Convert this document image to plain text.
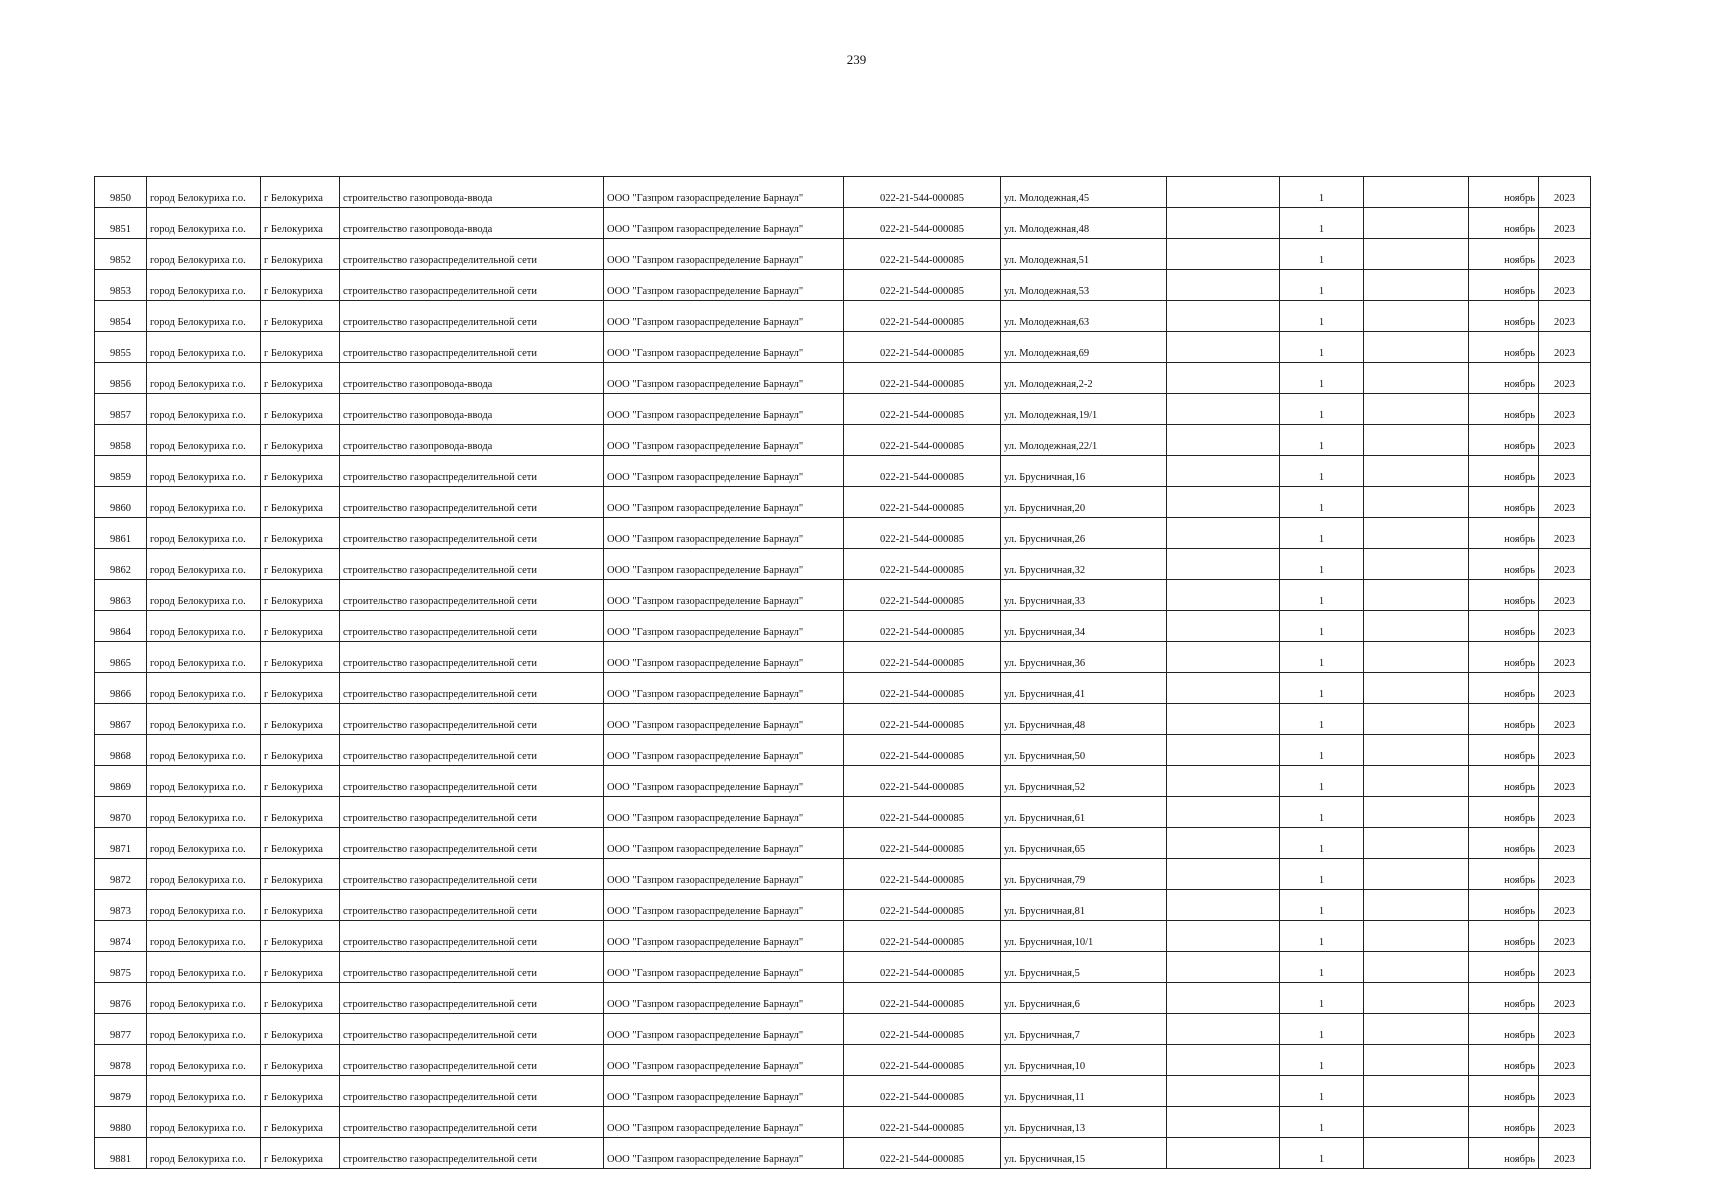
239
9850	город Белокуриха г.о.	г Белокуриха	строительство газопровода-ввода	ООО "Газпром газораспределение Барнаул"	022-21-544-000085	ул. Молодежная,45		1		ноябрь	2023
9851	город Белокуриха г.о.	г Белокуриха	строительство газопровода-ввода	ООО "Газпром газораспределение Барнаул"	022-21-544-000085	ул. Молодежная,48		1		ноябрь	2023
9852	город Белокуриха г.о.	г Белокуриха	строительство газораспределительной сети	ООО "Газпром газораспределение Барнаул"	022-21-544-000085	ул. Молодежная,51		1		ноябрь	2023
9853	город Белокуриха г.о.	г Белокуриха	строительство газораспределительной сети	ООО "Газпром газораспределение Барнаул"	022-21-544-000085	ул. Молодежная,53		1		ноябрь	2023
9854	город Белокуриха г.о.	г Белокуриха	строительство газораспределительной сети	ООО "Газпром газораспределение Барнаул"	022-21-544-000085	ул. Молодежная,63		1		ноябрь	2023
9855	город Белокуриха г.о.	г Белокуриха	строительство газораспределительной сети	ООО "Газпром газораспределение Барнаул"	022-21-544-000085	ул. Молодежная,69		1		ноябрь	2023
9856	город Белокуриха г.о.	г Белокуриха	строительство газопровода-ввода	ООО "Газпром газораспределение Барнаул"	022-21-544-000085	ул. Молодежная,2-2		1		ноябрь	2023
9857	город Белокуриха г.о.	г Белокуриха	строительство газопровода-ввода	ООО "Газпром газораспределение Барнаул"	022-21-544-000085	ул. Молодежная,19/1		1		ноябрь	2023
9858	город Белокуриха г.о.	г Белокуриха	строительство газопровода-ввода	ООО "Газпром газораспределение Барнаул"	022-21-544-000085	ул. Молодежная,22/1		1		ноябрь	2023
9859	город Белокуриха г.о.	г Белокуриха	строительство газораспределительной сети	ООО "Газпром газораспределение Барнаул"	022-21-544-000085	ул. Брусничная,16		1		ноябрь	2023
9860	город Белокуриха г.о.	г Белокуриха	строительство газораспределительной сети	ООО "Газпром газораспределение Барнаул"	022-21-544-000085	ул. Брусничная,20		1		ноябрь	2023
9861	город Белокуриха г.о.	г Белокуриха	строительство газораспределительной сети	ООО "Газпром газораспределение Барнаул"	022-21-544-000085	ул. Брусничная,26		1		ноябрь	2023
9862	город Белокуриха г.о.	г Белокуриха	строительство газораспределительной сети	ООО "Газпром газораспределение Барнаул"	022-21-544-000085	ул. Брусничная,32		1		ноябрь	2023
9863	город Белокуриха г.о.	г Белокуриха	строительство газораспределительной сети	ООО "Газпром газораспределение Барнаул"	022-21-544-000085	ул. Брусничная,33		1		ноябрь	2023
9864	город Белокуриха г.о.	г Белокуриха	строительство газораспределительной сети	ООО "Газпром газораспределение Барнаул"	022-21-544-000085	ул. Брусничная,34		1		ноябрь	2023
9865	город Белокуриха г.о.	г Белокуриха	строительство газораспределительной сети	ООО "Газпром газораспределение Барнаул"	022-21-544-000085	ул. Брусничная,36		1		ноябрь	2023
9866	город Белокуриха г.о.	г Белокуриха	строительство газораспределительной сети	ООО "Газпром газораспределение Барнаул"	022-21-544-000085	ул. Брусничная,41		1		ноябрь	2023
9867	город Белокуриха г.о.	г Белокуриха	строительство газораспределительной сети	ООО "Газпром газораспределение Барнаул"	022-21-544-000085	ул. Брусничная,48		1		ноябрь	2023
9868	город Белокуриха г.о.	г Белокуриха	строительство газораспределительной сети	ООО "Газпром газораспределение Барнаул"	022-21-544-000085	ул. Брусничная,50		1		ноябрь	2023
9869	город Белокуриха г.о.	г Белокуриха	строительство газораспределительной сети	ООО "Газпром газораспределение Барнаул"	022-21-544-000085	ул. Брусничная,52		1		ноябрь	2023
9870	город Белокуриха г.о.	г Белокуриха	строительство газораспределительной сети	ООО "Газпром газораспределение Барнаул"	022-21-544-000085	ул. Брусничная,61		1		ноябрь	2023
9871	город Белокуриха г.о.	г Белокуриха	строительство газораспределительной сети	ООО "Газпром газораспределение Барнаул"	022-21-544-000085	ул. Брусничная,65		1		ноябрь	2023
9872	город Белокуриха г.о.	г Белокуриха	строительство газораспределительной сети	ООО "Газпром газораспределение Барнаул"	022-21-544-000085	ул. Брусничная,79		1		ноябрь	2023
9873	город Белокуриха г.о.	г Белокуриха	строительство газораспределительной сети	ООО "Газпром газораспределение Барнаул"	022-21-544-000085	ул. Брусничная,81		1		ноябрь	2023
9874	город Белокуриха г.о.	г Белокуриха	строительство газораспределительной сети	ООО "Газпром газораспределение Барнаул"	022-21-544-000085	ул. Брусничная,10/1		1		ноябрь	2023
9875	город Белокуриха г.о.	г Белокуриха	строительство газораспределительной сети	ООО "Газпром газораспределение Барнаул"	022-21-544-000085	ул. Брусничная,5		1		ноябрь	2023
9876	город Белокуриха г.о.	г Белокуриха	строительство газораспределительной сети	ООО "Газпром газораспределение Барнаул"	022-21-544-000085	ул. Брусничная,6		1		ноябрь	2023
9877	город Белокуриха г.о.	г Белокуриха	строительство газораспределительной сети	ООО "Газпром газораспределение Барнаул"	022-21-544-000085	ул. Брусничная,7		1		ноябрь	2023
9878	город Белокуриха г.о.	г Белокуриха	строительство газораспределительной сети	ООО "Газпром газораспределение Барнаул"	022-21-544-000085	ул. Брусничная,10		1		ноябрь	2023
9879	город Белокуриха г.о.	г Белокуриха	строительство газораспределительной сети	ООО "Газпром газораспределение Барнаул"	022-21-544-000085	ул. Брусничная,11		1		ноябрь	2023
9880	город Белокуриха г.о.	г Белокуриха	строительство газораспределительной сети	ООО "Газпром газораспределение Барнаул"	022-21-544-000085	ул. Брусничная,13		1		ноябрь	2023
9881	город Белокуриха г.о.	г Белокуриха	строительство газораспределительной сети	ООО "Газпром газораспределение Барнаул"	022-21-544-000085	ул. Брусничная,15		1		ноябрь	2023
